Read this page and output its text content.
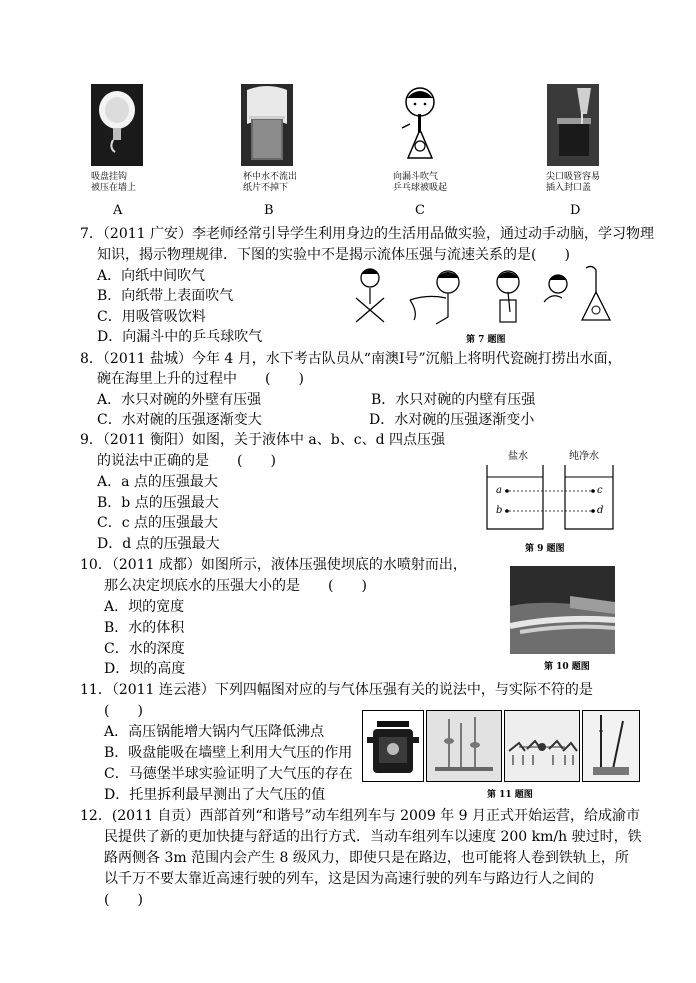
吸盘挂钩
被压在墙上
杯中水不流出
纸片不掉下
向漏斗吹气
乒乓球被吸起
尖口吸管容易
插入封口盖
A	B	C	D
7．（2011 广安）李老师经常引导学生利用身边的生活用品做实验，通过动手动脑，学习物理
知识，揭示物理规律．下图的实验中不是揭示流体压强与流速关系的是(　　)
A．向纸中间吹气
B．向纸带上表面吹气
C．用吸管吸饮料
D．向漏斗中的乒乓球吹气	第 7 题图
8．（2011 盐城）今年 4 月，水下考古队员从“南澳Ⅰ号”沉船上将明代瓷碗打捞出水面，
碗在海里上升的过程中　　(　　)
A．水只对碗的外壁有压强	B．水只对碗的内壁有压强
C．水对碗的压强逐渐变大	D．水对碗的压强逐渐变小
9．（2011 衡阳）如图，关于液体中 a、b、c、d 四点压强
的说法中正确的是　　(　　)
A．a 点的压强最大
B．b 点的压强最大
C．c 点的压强最大
D．d 点的压强最大
盐水	纯净水
a
b
c
d
第 9 题图
10．（2011 成都）如图所示，液体压强使坝底的水喷射而出，
那么决定坝底水的压强大小的是　　(　　)
A．坝的宽度
B．水的体积
C．水的深度
D．坝的高度	第 10 题图
11．（2011 连云港）下列四幅图对应的与气体压强有关的说法中，与实际不符的是
(　　)
A．高压锅能增大锅内气压降低沸点
B．吸盘能吸在墙壁上利用大气压的作用
C．马德堡半球实验证明了大气压的存在
D．托里拆利最早测出了大气压的值	第 11 题图
12．(2011 自贡）西部首列“和谐号”动车组列车与 2009 年 9 月正式开始运营，给成渝市
民提供了新的更加快捷与舒适的出行方式．当动车组列车以速度 200 km/h 驶过时，铁
路两侧各 3m 范围内会产生 8 级风力，即使只是在路边，也可能将人卷到铁轨上，所
以千万不要太靠近高速行驶的列车，这是因为高速行驶的列车与路边行人之间的
(　　)
